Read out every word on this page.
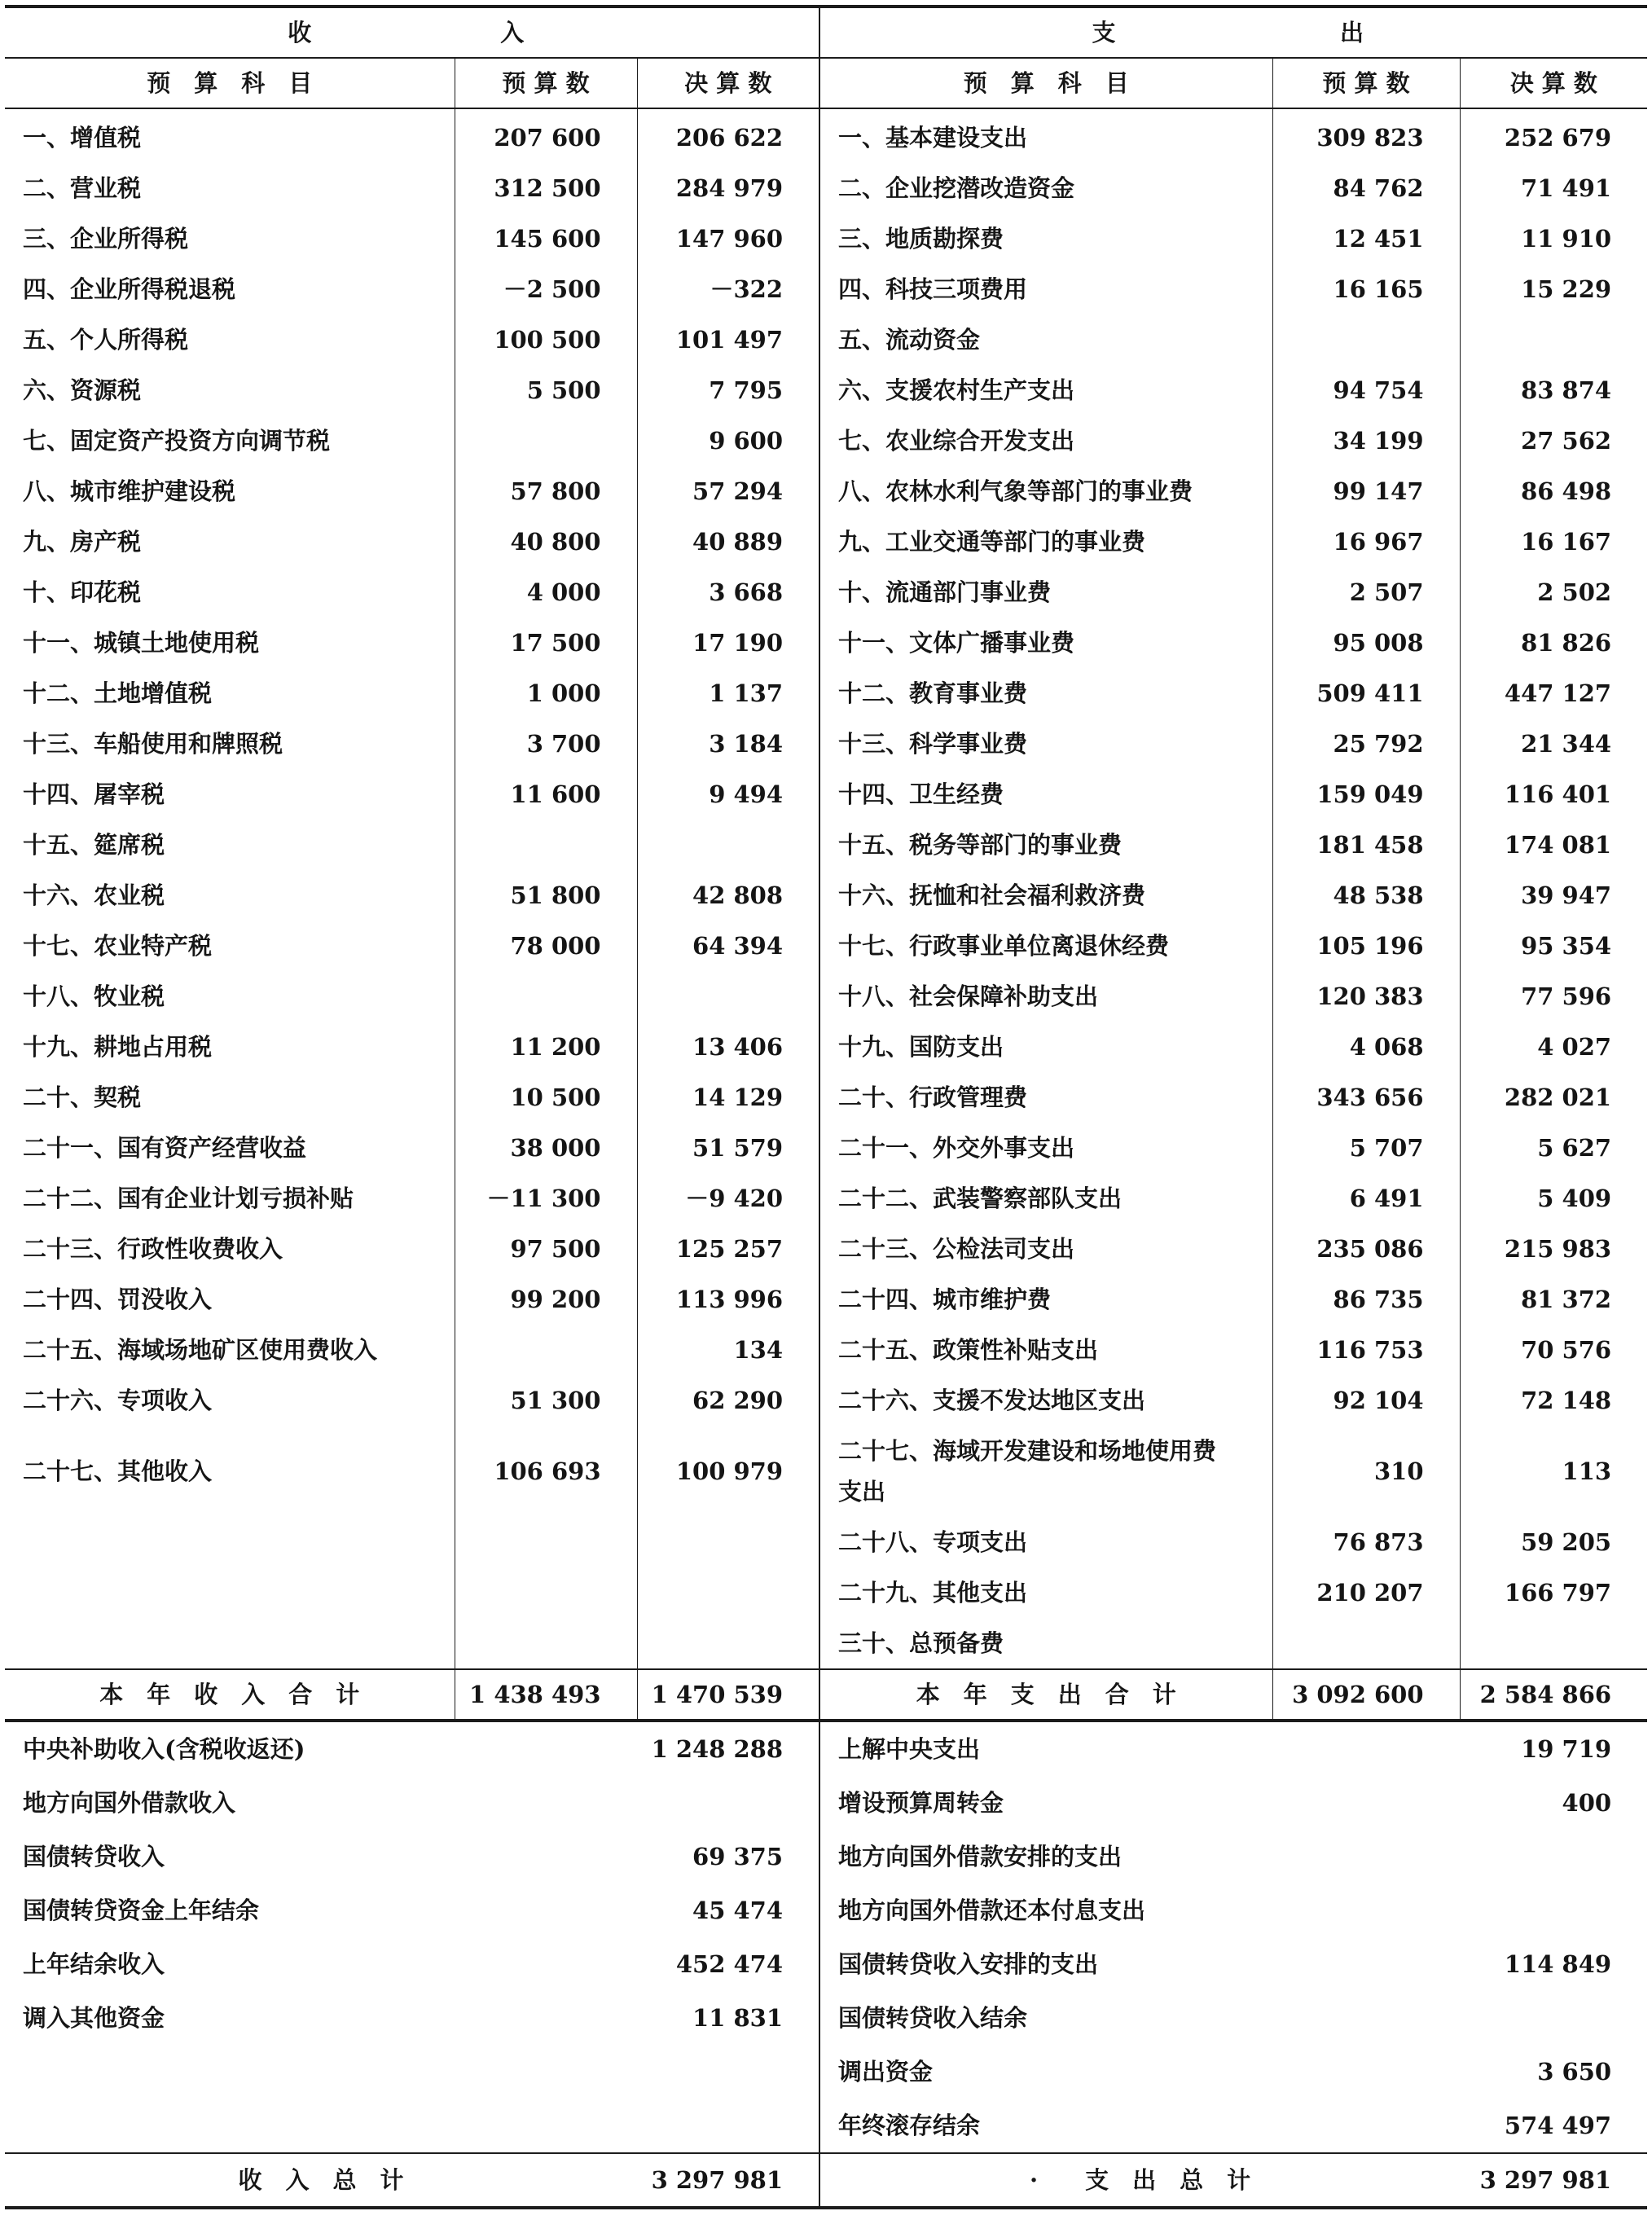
收　　　　　入			支　　　　　　出		
预　算　科　目	预 算 数	决 算 数	预　算　科　目	预 算 数	决 算 数
一、增值税	207 600	206 622	一、基本建设支出	309 823	252 679
二、营业税	312 500	284 979	二、企业挖潜改造资金	84 762	71 491
三、企业所得税	145 600	147 960	三、地质勘探费	12 451	11 910
四、企业所得税退税	－2 500	－322	四、科技三项费用	16 165	15 229
五、个人所得税	100 500	101 497	五、流动资金		
六、资源税	5 500	7 795	六、支援农村生产支出	94 754	83 874
七、固定资产投资方向调节税		9 600	七、农业综合开发支出	34 199	27 562
八、城市维护建设税	57 800	57 294	八、农林水利气象等部门的事业费	99 147	86 498
九、房产税	40 800	40 889	九、工业交通等部门的事业费	16 967	16 167
十、印花税	4 000	3 668	十、流通部门事业费	2 507	2 502
十一、城镇土地使用税	17 500	17 190	十一、文体广播事业费	95 008	81 826
十二、土地增值税	1 000	1 137	十二、教育事业费	509 411	447 127
十三、车船使用和牌照税	3 700	3 184	十三、科学事业费	25 792	21 344
十四、屠宰税	11 600	9 494	十四、卫生经费	159 049	116 401
十五、筵席税			十五、税务等部门的事业费	181 458	174 081
十六、农业税	51 800	42 808	十六、抚恤和社会福利救济费	48 538	39 947
十七、农业特产税	78 000	64 394	十七、行政事业单位离退休经费	105 196	95 354
十八、牧业税			十八、社会保障补助支出	120 383	77 596
十九、耕地占用税	11 200	13 406	十九、国防支出	4 068	4 027
二十、契税	10 500	14 129	二十、行政管理费	343 656	282 021
二十一、国有资产经营收益	38 000	51 579	二十一、外交外事支出	5 707	5 627
二十二、国有企业计划亏损补贴	－11 300	－9 420	二十二、武装警察部队支出	6 491	5 409
二十三、行政性收费收入	97 500	125 257	二十三、公检法司支出	235 086	215 983
二十四、罚没收入	99 200	113 996	二十四、城市维护费	86 735	81 372
二十五、海域场地矿区使用费收入		134	二十五、政策性补贴支出	116 753	70 576
二十六、专项收入	51 300	62 290	二十六、支援不发达地区支出	92 104	72 148
二十七、其他收入	106 693	100 979	二十七、海域开发建设和场地使用费　　　支出	310	113
			二十八、专项支出	76 873	59 205
			二十九、其他支出	210 207	166 797
			三十、总预备费		
本　年　收　入　合　计	1 438 493	1 470 539	本　年　支　出　合　计	3 092 600	2 584 866
中央补助收入(含税收返还)		1 248 288	上解中央支出		19 719
地方向国外借款收入			增设预算周转金		400
国债转贷收入		69 375	地方向国外借款安排的支出		
国债转贷资金上年结余		45 474	地方向国外借款还本付息支出		
上年结余收入		452 474	国债转贷收入安排的支出		114 849
调入其他资金		11 831	国债转贷收入结余		
			调出资金		3 650
			年终滚存结余		574 497
收　入　总　计		3 297 981	·　　支　出　总　计		3 297 981
